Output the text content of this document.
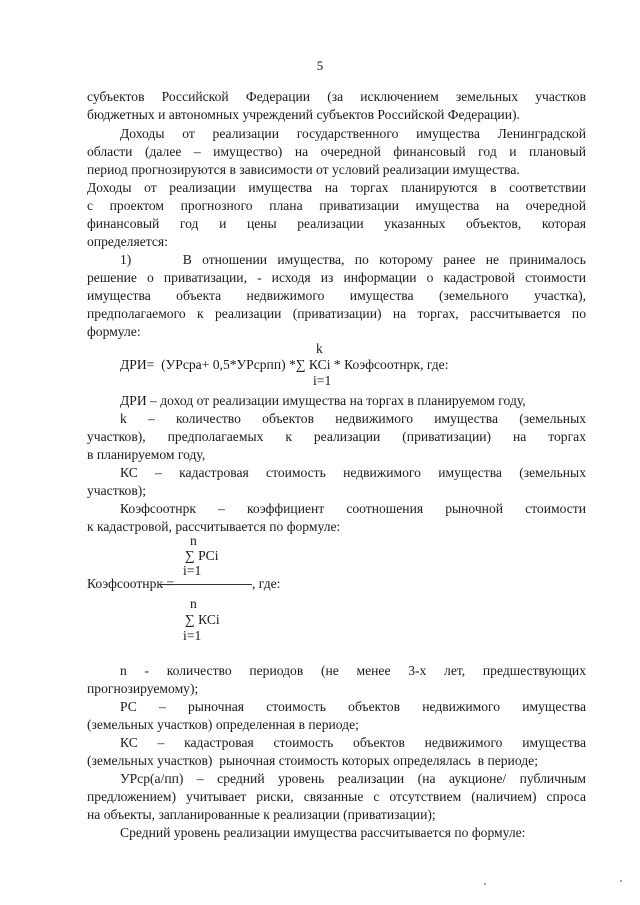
5
субъектов Российской Федерации (за исключением земельных участков
бюджетных и автономных учреждений субъектов Российской Федерации).
Доходы от реализации государственного имущества Ленинградской
области (далее – имущество) на очередной финансовый год и плановый
период прогнозируются в зависимости от условий реализации имущества.
Доходы от реализации имущества на торгах планируются в соответствии
с проектом прогнозного плана приватизации имущества на очередной
финансовый год и цены реализации указанных объектов, которая
определяется:
1)     В отношении имущества, по которому ранее не принималось
решение о приватизации, - исходя из информации о кадастровой стоимости
имущества объекта недвижимого имущества (земельного участка),
предполагаемого к реализации (приватизации) на торгах, рассчитывается по
формуле:
k
ДРИ=  (УРсра+ 0,5*УРсрпп) *∑ КСi * Коэфсоотнрк, где:
i=1
ДРИ – доход от реализации имущества на торгах в планируемом году,
k – количество объектов недвижимого имущества (земельных
участков), предполагаемых к реализации (приватизации) на торгах
в планируемом году,
КС – кадастровая стоимость недвижимого имущества (земельных
участков);
Коэфсоотнрк – коэффициент соотношения рыночной стоимости
к кадастровой, рассчитывается по формуле:
n
∑ PCi
i=1
Коэфсоотнрк =	, где:
n
∑ КСi
i=1
n - количество периодов (не менее 3-х лет, предшествующих
прогнозируемому);
РС – рыночная стоимость объектов недвижимого имущества
(земельных участков) определенная в периоде;
КС – кадастровая стоимость объектов недвижимого имущества
(земельных участков)  рыночная стоимость которых определялась  в периоде;
УРср(а/пп) – средний уровень реализации (на аукционе/ публичным
предложением) учитывает риски, связанные с отсутствием (наличием) спроса
на объекты, запланированные к реализации (приватизации);
Средний уровень реализации имущества рассчитывается по формуле:
